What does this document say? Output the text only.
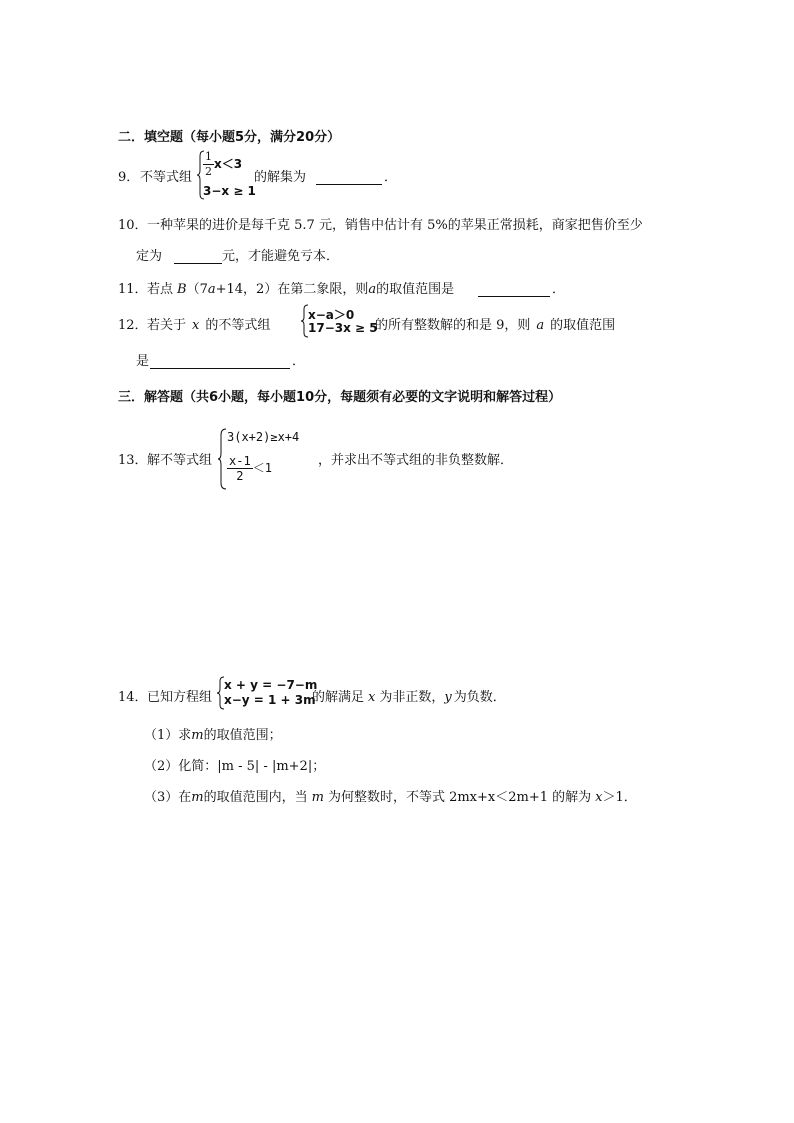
二．填空题（每小题5分，满分20分）
9． 不等式组 $\frac{1}{2} x<3$
3−x ≥ 1
的解集为	．
10． 一种苹果的进价是每千克 5.7 元，销售中估计有 5%的苹果正常损耗，商家把售价至少
定为	元，才能避免亏本．
11． 若点 B（7a+14，2）在第二象限，则a的取值范围是	．
12． 若关于 x 的不等式组
x−a＞0
17−3x ≥ 5
的所有整数解的和是 9，则 a 的取值范围
是	．
三．解答题（共6小题，每小题10分，每题须有必要的文字说明和解答过程）
13． 解不等式组
3(x+2)≥x+4
$\frac{x-1}{2} <1$	，并求出不等式组的非负整数解．
14． 已知方程组
x + y = −7−m
x−y = 1 + 3m
的解满足 x 为非正数，y 为负数．
（1）求m的取值范围；
（2）化简：|m - 5| - |m+2|；
（3）在m的取值范围内，当 m 为何整数时，不等式 2mx+x＜2m+1 的解为 x＞1．
